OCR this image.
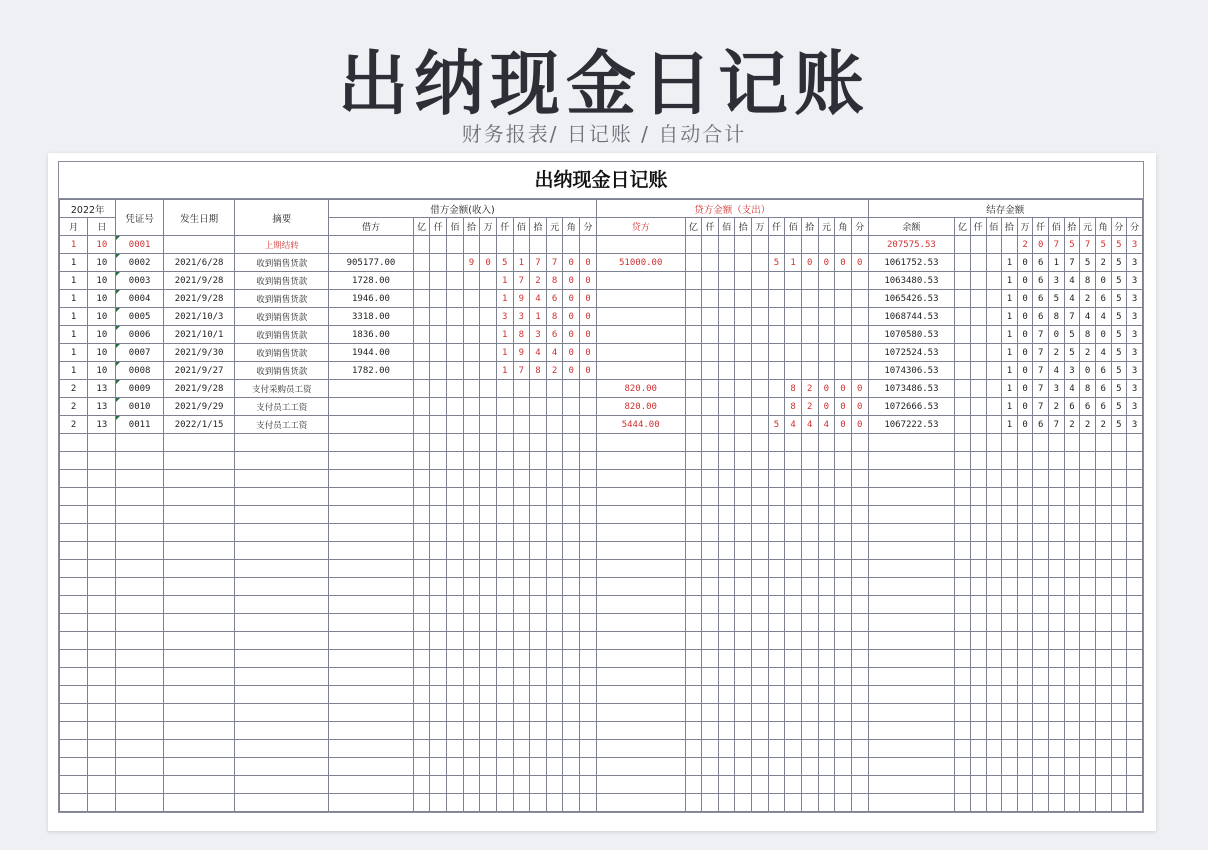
出纳现金日记账
财务报表/ 日记账 / 自动合计
出纳现金日记账
2022年		凭证号	发生日期	摘要	借方金额(收入)												贷方金额（支出）												结存金额												
月	日				借方	亿	仟	佰	拾	万	仟	佰	拾	元	角	分	贷方	亿	仟	佰	拾	万	仟	佰	拾	元	角	分	余额	亿	仟	佰	拾	万	仟	佰	拾	元	角	分	分
1	10	0001		上期结转																									207575.53					2	0	7	5	7	5	5	3
1	10	0002	2021/6/28	收到销售货款	905177.00				9	0	5	1	7	7	0	0	51000.00						5	1	0	0	0	0	1061752.53				1	0	6	1	7	5	2	5	3
1	10	0003	2021/9/28	收到销售货款	1728.00						1	7	2	8	0	0													1063480.53				1	0	6	3	4	8	0	5	3
1	10	0004	2021/9/28	收到销售货款	1946.00						1	9	4	6	0	0													1065426.53				1	0	6	5	4	2	6	5	3
1	10	0005	2021/10/3	收到销售货款	3318.00						3	3	1	8	0	0													1068744.53				1	0	6	8	7	4	4	5	3
1	10	0006	2021/10/1	收到销售货款	1836.00						1	8	3	6	0	0													1070580.53				1	0	7	0	5	8	0	5	3
1	10	0007	2021/9/30	收到销售货款	1944.00						1	9	4	4	0	0													1072524.53				1	0	7	2	5	2	4	5	3
1	10	0008	2021/9/27	收到销售货款	1782.00						1	7	8	2	0	0													1074306.53				1	0	7	4	3	0	6	5	3
2	13	0009	2021/9/28	支付采购员工资													820.00							8	2	0	0	0	1073486.53				1	0	7	3	4	8	6	5	3
2	13	0010	2021/9/29	支付员工工资													820.00							8	2	0	0	0	1072666.53				1	0	7	2	6	6	6	5	3
2	13	0011	2022/1/15	支付员工工资													5444.00						5	4	4	4	0	0	1067222.53				1	0	6	7	2	2	2	5	3
